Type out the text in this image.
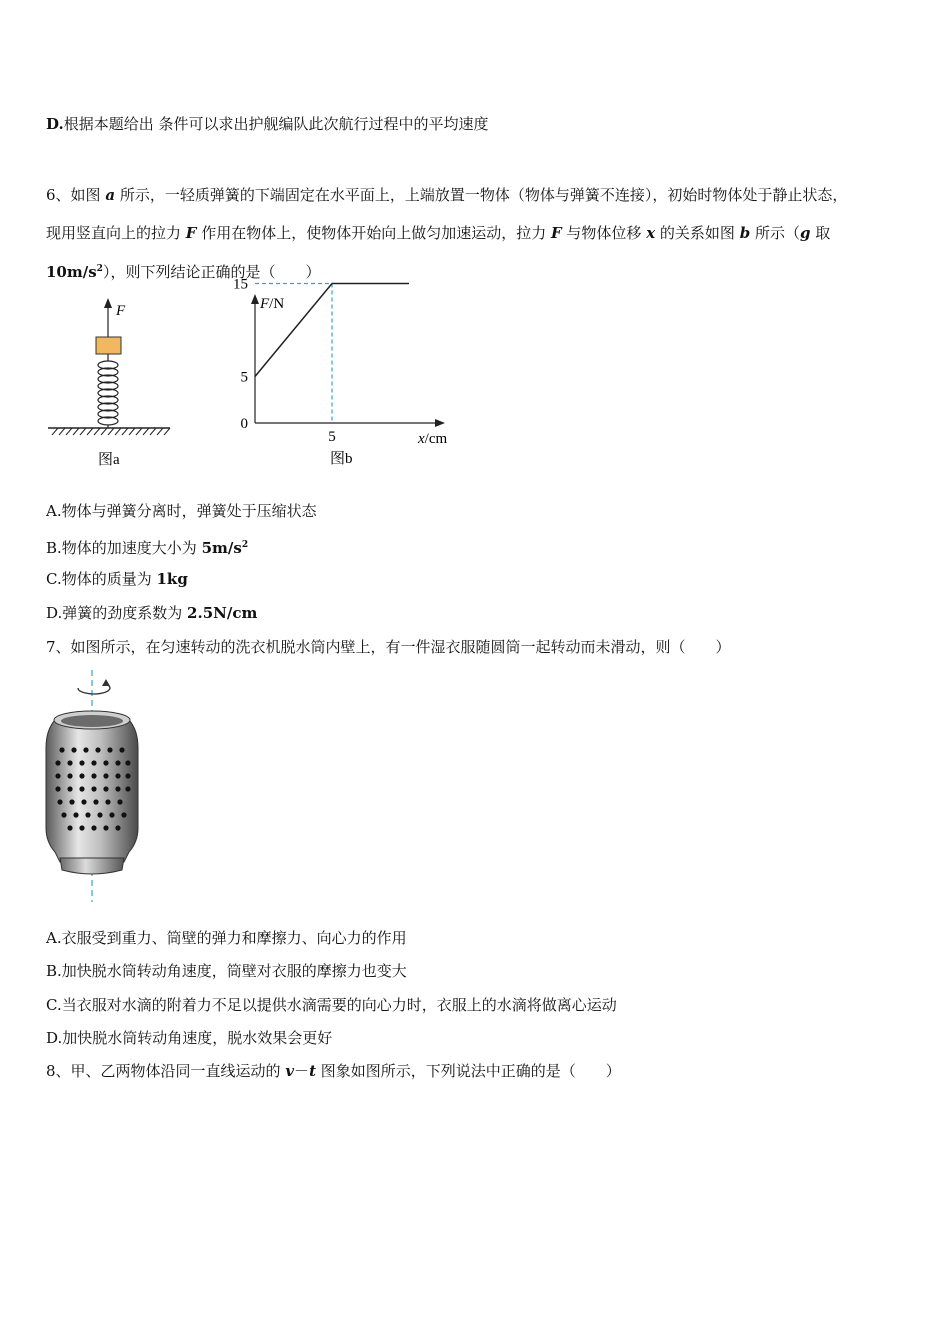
D.根据本题给出 条件可以求出护舰编队此次航行过程中的平均速度
6、如图 a 所示，一轻质弹簧的下端固定在水平面上，上端放置一物体（物体与弹簧不连接），初始时物体处于静止状态，
现用竖直向上的拉力 F 作用在物体上，使物体开始向上做匀加速运动，拉力 F 与物体位移 x 的关系如图 b 所示（g 取
$10m/s^2$），则下列结论正确的是（　　）
F
图a
F/N
x/cm
15
5
0
5
图b
A.物体与弹簧分离时，弹簧处于压缩状态
B.物体的加速度大小为 $5m/s^2$
C.物体的质量为 1kg
D.弹簧的劲度系数为 2.5N/cm
7、如图所示，在匀速转动的洗衣机脱水筒内壁上，有一件湿衣服随圆筒一起转动而未滑动，则（　　）
A.衣服受到重力、筒壁的弹力和摩擦力、向心力的作用
B.加快脱水筒转动角速度，筒壁对衣服的摩擦力也变大
C.当衣服对水滴的附着力不足以提供水滴需要的向心力时，衣服上的水滴将做离心运动
D.加快脱水筒转动角速度，脱水效果会更好
8、甲、乙两物体沿同一直线运动的 v－t 图象如图所示，下列说法中正确的是（　　）
